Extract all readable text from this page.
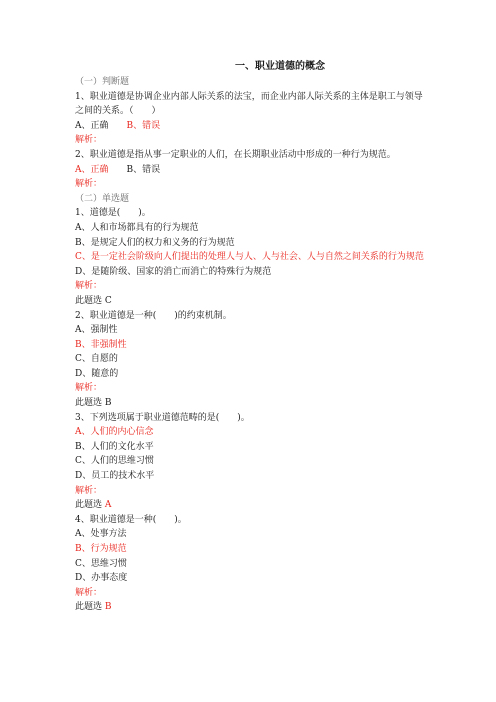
一、职业道德的概念
（一）判断题
1、职业道德是协调企业内部人际关系的法宝，而企业内部人际关系的主体是职工与领导之间的关系。（　　）
A、正确 B、错误
解析：
2、职业道德是指从事一定职业的人们，在长期职业活动中形成的一种行为规范。
A、正确 B、错误
解析：
（二）单选题
1、道德是(　　)。
A、人和市场都具有的行为规范
B、是规定人们的权力和义务的行为规范
C、是一定社会阶级向人们提出的处理人与人、人与社会、人与自然之间关系的行为规范
D、是随阶级、国家的消亡而消亡的特殊行为规范
解析：
此题选 C
2、职业道德是一种(　　)的约束机制。
A、强制性
B、非强制性
C、自愿的
D、随意的
解析：
此题选 B
3、下列选项属于职业道德范畴的是(　　)。
A、人们的内心信念
B、人们的文化水平
C、人们的思维习惯
D、员工的技术水平
解析：
此题选 A
4、职业道德是一种(　　)。
A、处事方法
B、行为规范
C、思维习惯
D、办事态度
解析：
此题选 B
